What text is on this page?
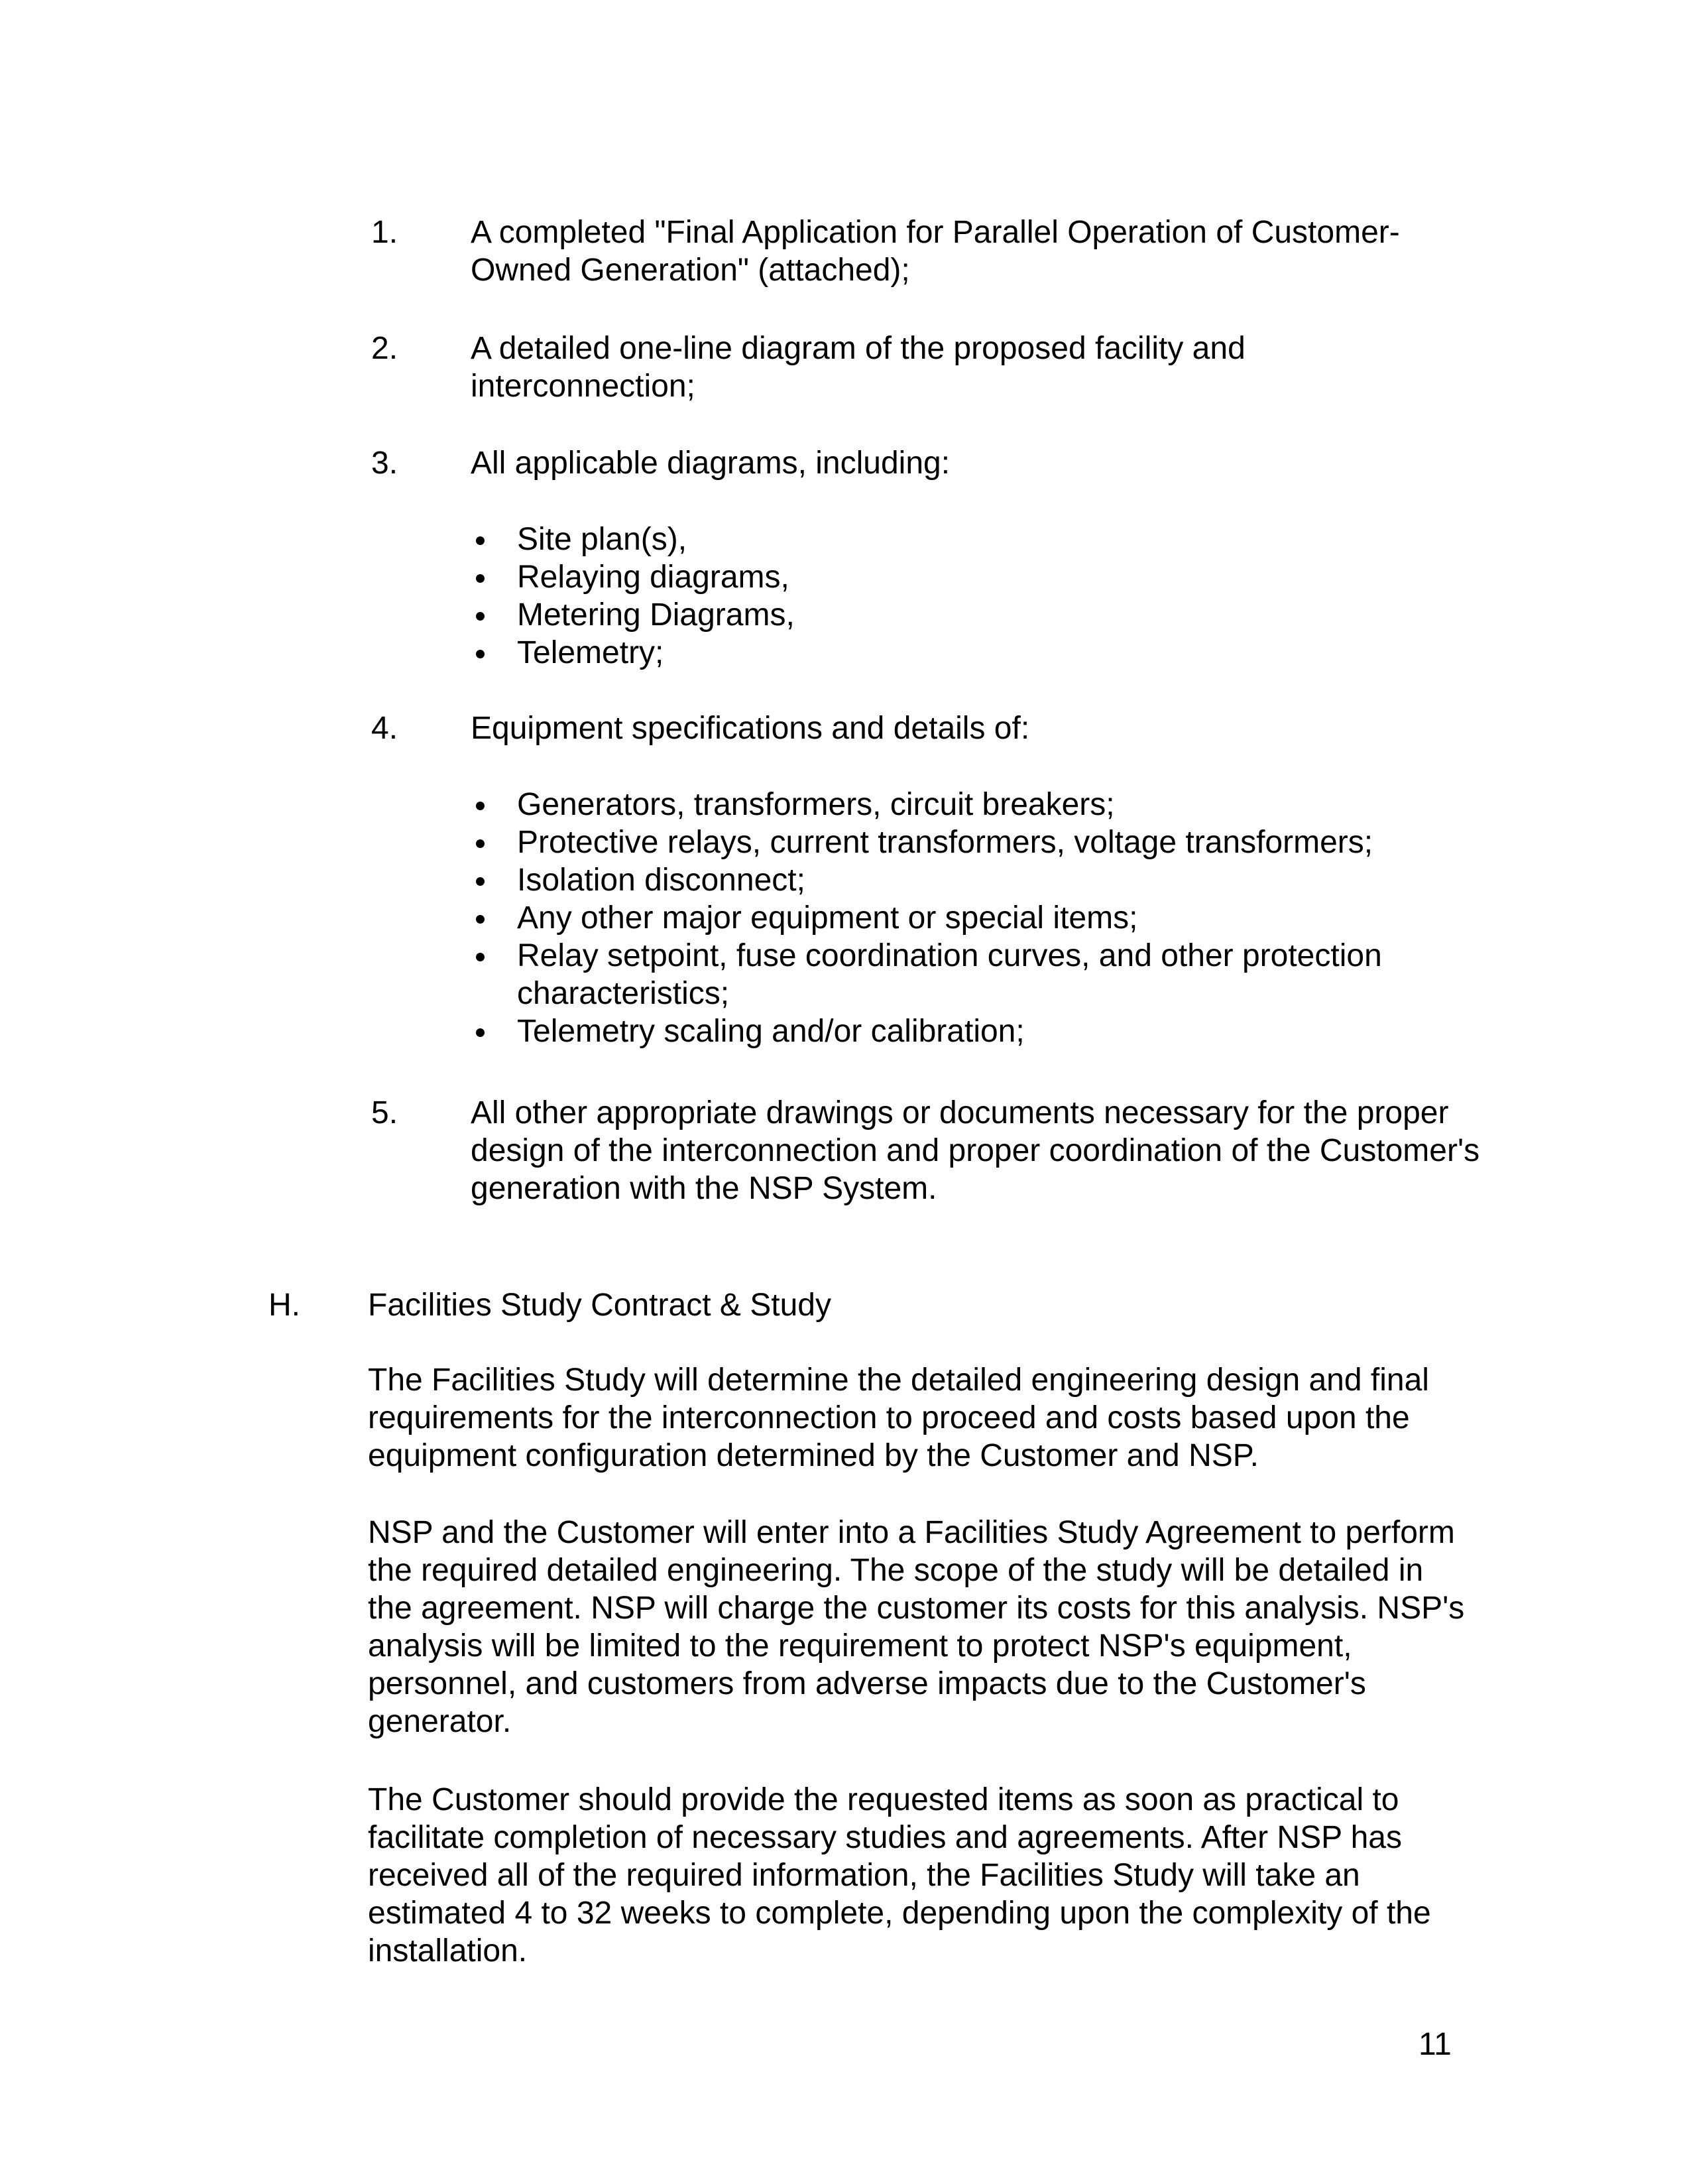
1. A completed "Final Application for Parallel Operation of Customer-Owned Generation" (attached);
2. A detailed one-line diagram of the proposed facility and interconnection;
3. All applicable diagrams, including:
Site plan(s),
Relaying diagrams,
Metering Diagrams,
Telemetry;
4. Equipment specifications and details of:
Generators, transformers, circuit breakers;
Protective relays, current transformers, voltage transformers;
Isolation disconnect;
Any other major equipment or special items;
Relay setpoint, fuse coordination curves, and other protection characteristics;
Telemetry scaling and/or calibration;
5. All other appropriate drawings or documents necessary for the proper design of the interconnection and proper coordination of the Customer's generation with the NSP System.
H. Facilities Study Contract & Study

The Facilities Study will determine the detailed engineering design and final requirements for the interconnection to proceed and costs based upon the equipment configuration determined by the Customer and NSP.

NSP and the Customer will enter into a Facilities Study Agreement to perform the required detailed engineering. The scope of the study will be detailed in the agreement. NSP will charge the customer its costs for this analysis. NSP's analysis will be limited to the requirement to protect NSP's equipment, personnel, and customers from adverse impacts due to the Customer's generator.

The Customer should provide the requested items as soon as practical to facilitate completion of necessary studies and agreements. After NSP has received all of the required information, the Facilities Study will take an estimated 4 to 32 weeks to complete, depending upon the complexity of the installation.

11
